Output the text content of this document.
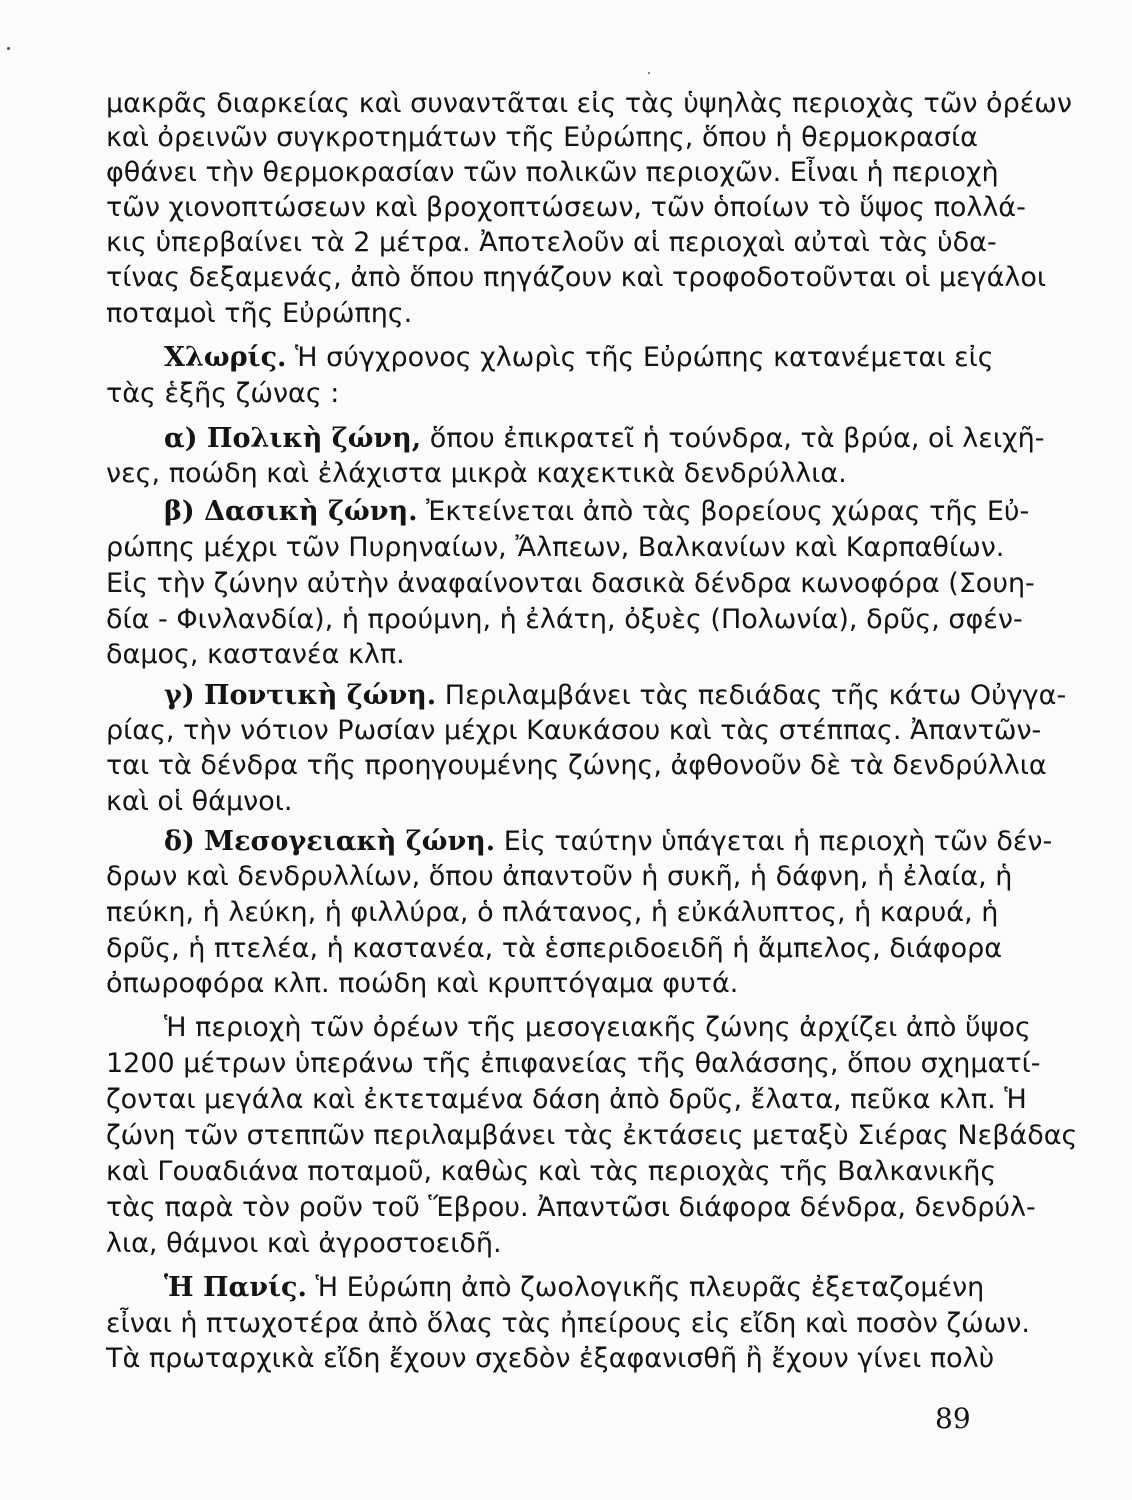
μακρᾶς διαρκείας καὶ συναντᾶται εἰς τὰς ὑψηλὰς περιοχὰς τῶν ὀρέων
καὶ ὀρεινῶν συγκροτημάτων τῆς Εὐρώπης, ὅπου ἡ θερμοκρασία
φθάνει τὴν θερμοκρασίαν τῶν πολικῶν περιοχῶν. Εἶναι ἡ περιοχὴ
τῶν χιονοπτώσεων καὶ βροχοπτώσεων, τῶν ὁποίων τὸ ὕψος πολλά-
κις ὑπερβαίνει τὰ 2 μέτρα. Ἀποτελοῦν αἱ περιοχαὶ αὐταὶ τὰς ὑδα-
τίνας δεξαμενάς, ἀπὸ ὅπου πηγάζουν καὶ τροφοδοτοῦνται οἱ μεγάλοι
ποταμοὶ τῆς Εὐρώπης.
Χλωρίς. Ἡ σύγχρονος χλωρὶς τῆς Εὐρώπης κατανέμεται εἰς
τὰς ἑξῆς ζώνας :
α) Πολικὴ ζώνη, ὅπου ἐπικρατεῖ ἡ τούνδρα, τὰ βρύα, οἱ λειχῆ-
νες, ποώδη καὶ ἐλάχιστα μικρὰ καχεκτικὰ δενδρύλλια.
β) Δασικὴ ζώνη. Ἐκτείνεται ἀπὸ τὰς βορείους χώρας τῆς Εὐ-
ρώπης μέχρι τῶν Πυρηναίων, Ἄλπεων, Βαλκανίων καὶ Καρπαθίων.
Εἰς τὴν ζώνην αὐτὴν ἀναφαίνονται δασικὰ δένδρα κωνοφόρα (Σουη-
δία - Φινλανδία), ἡ προύμνη, ἡ ἐλάτη, ὀξυὲς (Πολωνία), δρῦς, σφέν-
δαμος, καστανέα κλπ.
γ) Ποντικὴ ζώνη. Περιλαμβάνει τὰς πεδιάδας τῆς κάτω Οὐγγα-
ρίας, τὴν νότιον Ρωσίαν μέχρι Καυκάσου καὶ τὰς στέππας. Ἀπαντῶν-
ται τὰ δένδρα τῆς προηγουμένης ζώνης, ἀφθονοῦν δὲ τὰ δενδρύλλια
καὶ οἱ θάμνοι.
δ) Μεσογειακὴ ζώνη. Εἰς ταύτην ὑπάγεται ἡ περιοχὴ τῶν δέν-
δρων καὶ δενδρυλλίων, ὅπου ἀπαντοῦν ἡ συκῆ, ἡ δάφνη, ἡ ἐλαία, ἡ
πεύκη, ἡ λεύκη, ἡ φιλλύρα, ὁ πλάτανος, ἡ εὐκάλυπτος, ἡ καρυά, ἡ
δρῦς, ἡ πτελέα, ἡ καστανέα, τὰ ἑσπεριδοειδῆ ἡ ἄμπελος, διάφορα
ὀπωροφόρα κλπ. ποώδη καὶ κρυπτόγαμα φυτά.
Ἡ περιοχὴ τῶν ὀρέων τῆς μεσογειακῆς ζώνης ἀρχίζει ἀπὸ ὕψος
1200 μέτρων ὑπεράνω τῆς ἐπιφανείας τῆς θαλάσσης, ὅπου σχηματί-
ζονται μεγάλα καὶ ἐκτεταμένα δάση ἀπὸ δρῦς, ἔλατα, πεῦκα κλπ. Ἡ
ζώνη τῶν στεππῶν περιλαμβάνει τὰς ἐκτάσεις μεταξὺ Σιέρας Νεβάδας
καὶ Γουαδιάνα ποταμοῦ, καθὼς καὶ τὰς περιοχὰς τῆς Βαλκανικῆς
τὰς παρὰ τὸν ροῦν τοῦ Ἕβρου. Ἀπαντῶσι διάφορα δένδρα, δενδρύλ-
λια, θάμνοι καὶ ἀγροστοειδῆ.
Ἡ Πανίς. Ἡ Εὐρώπη ἀπὸ ζωολογικῆς πλευρᾶς ἐξεταζομένη
εἶναι ἡ πτωχοτέρα ἀπὸ ὅλας τὰς ἠπείρους εἰς εἴδη καὶ ποσὸν ζώων.
Τὰ πρωταρχικὰ εἴδη ἔχουν σχεδὸν ἐξαφανισθῆ ἢ ἔχουν γίνει πολὺ
89
